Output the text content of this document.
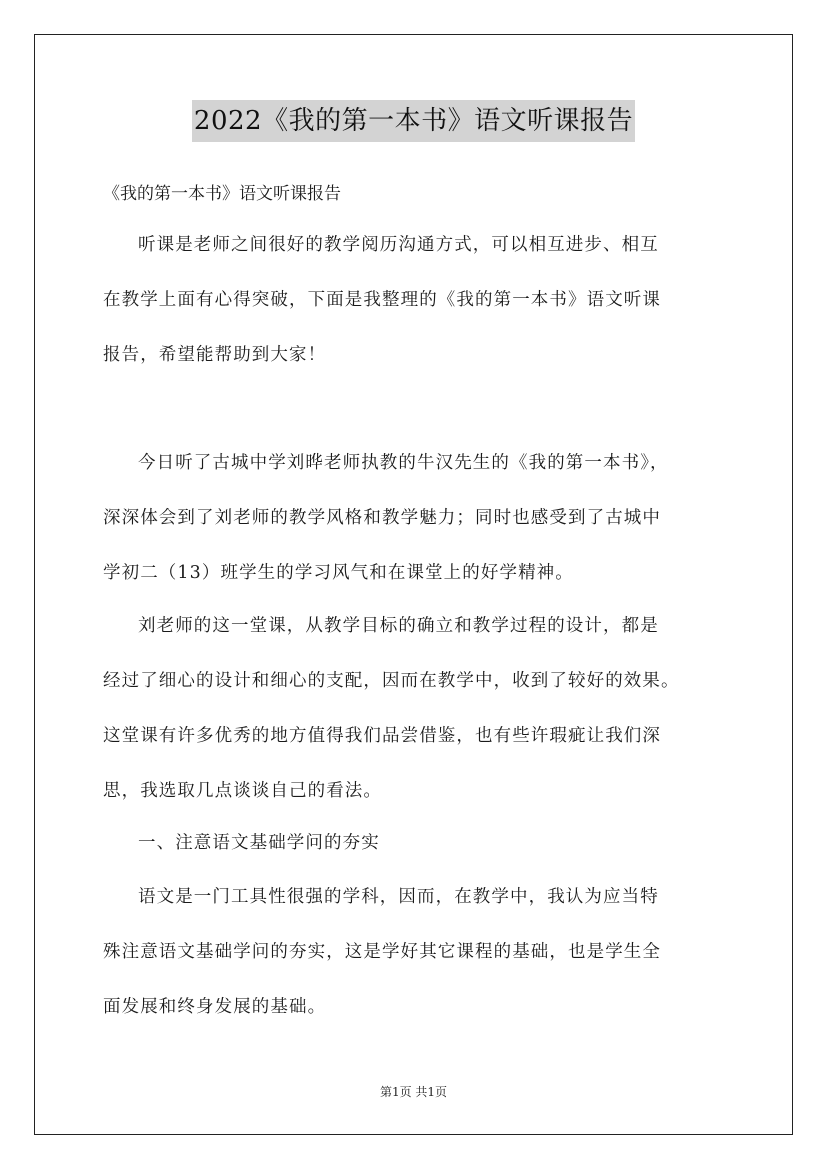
2022《我的第一本书》语文听课报告
《我的第一本书》语文听课报告
听课是老师之间很好的教学阅历沟通方式，可以相互进步、相互
在教学上面有心得突破，下面是我整理的《我的第一本书》语文听课
报告，希望能帮助到大家！
今日听了古城中学刘晔老师执教的牛汉先生的《我的第一本书》，
深深体会到了刘老师的教学风格和教学魅力；同时也感受到了古城中
学初二（13）班学生的学习风气和在课堂上的好学精神。
刘老师的这一堂课，从教学目标的确立和教学过程的设计，都是
经过了细心的设计和细心的支配，因而在教学中，收到了较好的效果。
这堂课有许多优秀的地方值得我们品尝借鉴，也有些许瑕疵让我们深
思，我选取几点谈谈自己的看法。
一、注意语文基础学问的夯实
语文是一门工具性很强的学科，因而，在教学中，我认为应当特
殊注意语文基础学问的夯实，这是学好其它课程的基础，也是学生全
面发展和终身发展的基础。
第1页 共1页
